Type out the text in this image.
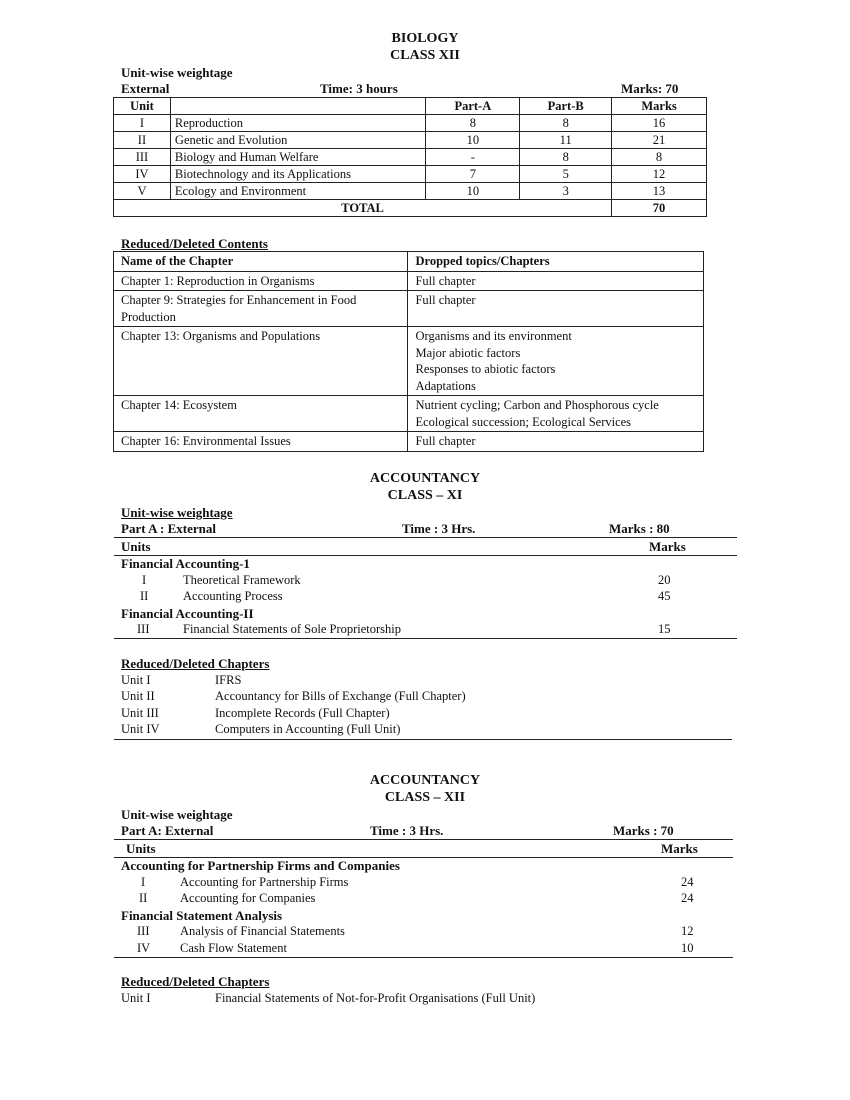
BIOLOGY
CLASS XII
Unit-wise weightage
External	Time: 3 hours	Marks: 70
Unit		Part-A	Part-B	Marks
I	Reproduction	8	8	16
II	Genetic and Evolution	10	11	21
III	Biology and Human Welfare	-	8	8
IV	Biotechnology and its Applications	7	5	12
V	Ecology and Environment	10	3	13
TOTAL				70
Reduced/Deleted Contents
Name of the Chapter	Dropped topics/Chapters
Chapter 1: Reproduction in Organisms	Full chapter

Chapter 9: Strategies for Enhancement in Food Production	Full chapter

Chapter 13: Organisms and Populations	Organisms and its environment
Major abiotic factors
Responses to abiotic factors
Adaptations

Chapter 14: Ecosystem	Nutrient cycling; Carbon and Phosphorous cycle
Ecological succession; Ecological Services

Chapter 16: Environmental Issues	Full chapter
ACCOUNTANCY
CLASS – XI
Unit-wise weightage
Part A : External	Time : 3 Hrs.	Marks : 80
Units	Marks
Financial Accounting-1
I	Theoretical Framework	20
II	Accounting Process	45
Financial Accounting-II
III	Financial Statements of Sole Proprietorship	15
Reduced/Deleted Chapters
Unit I	IFRS
Unit II	Accountancy for Bills of Exchange (Full Chapter)
Unit III	Incomplete Records (Full Chapter)
Unit IV	Computers in Accounting (Full Unit)
ACCOUNTANCY
CLASS – XII
Unit-wise weightage
Part A: External	Time : 3 Hrs.	Marks : 70
Units	Marks
Accounting for Partnership Firms and Companies
I	Accounting for Partnership Firms	24
II	Accounting for Companies	24
Financial Statement Analysis
III Analysis of Financial Statements	12
IV Cash Flow Statement	10
Reduced/Deleted Chapters
Unit I	Financial Statements of Not-for-Profit Organisations (Full Unit)
